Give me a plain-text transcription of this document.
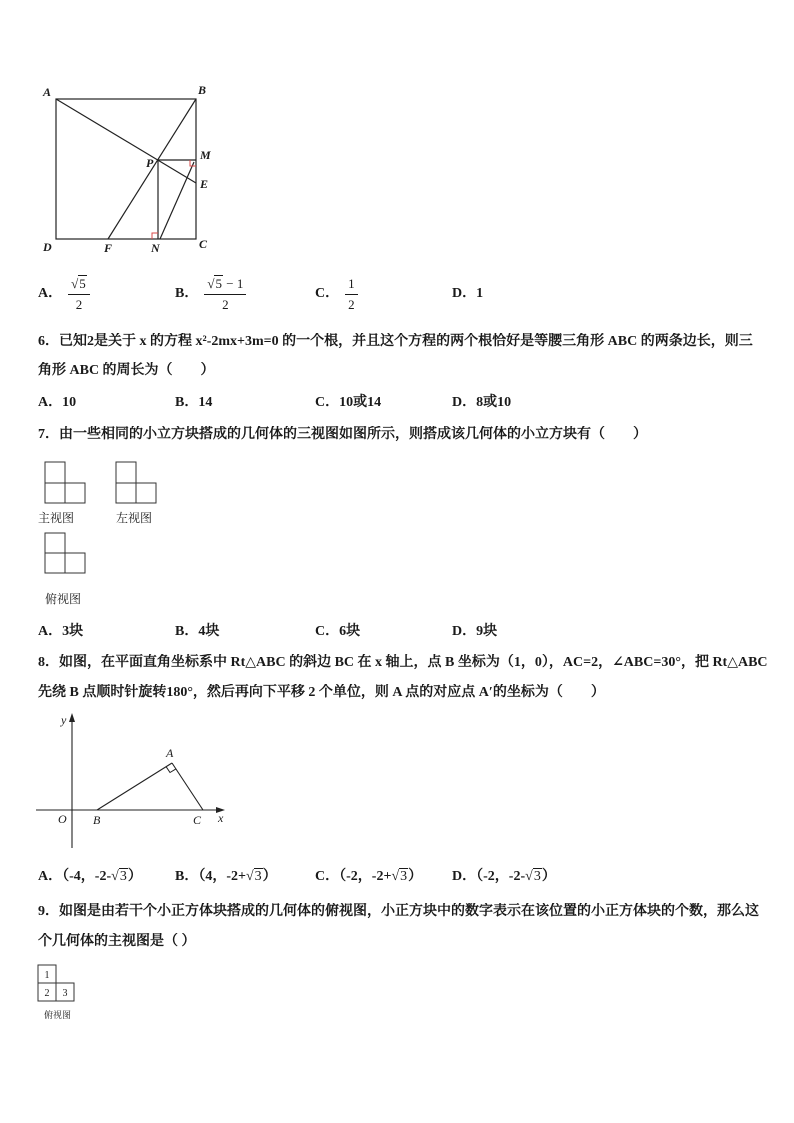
A	B
D	F	N	C
P
M
E
A． $\frac{√5}{2}$	B． $\frac{√5 - 1}{2}$	C． $\frac{1}{2}$	D． 1
6．已知2是关于 x 的方程 x²-2mx+3m=0 的一个根，并且这个方程的两个根恰好是等腰三角形 ABC 的两条边长，则三
角形 ABC 的周长为（　　）
A．10	B．14	C．10或14	D．8或10
7．由一些相同的小立方块搭成的几何体的三视图如图所示，则搭成该几何体的小立方块有（　　）
主视图	左视图
俯视图
A．3块	B．4块	C．6块	D．9块
8．如图，在平面直角坐标系中 Rt△ABC 的斜边 BC 在 x 轴上，点 B 坐标为（1，0），AC=2，∠ABC=30°，把 Rt△ABC
先绕 B 点顺时针旋转180°，然后再向下平移 2 个单位，则 A 点的对应点 A′的坐标为（　　）
y
O B	C x
A
A．（-4，-2-√3） B．（4，-2+√3）	C．（-2，-2+√3） D．（-2，-2-√3）
9．如图是由若干个小正方体块搭成的几何体的俯视图，小正方块中的数字表示在该位置的小正方体块的个数，那么这
个几何体的主视图是（ ）
1
2 3
俯视图
